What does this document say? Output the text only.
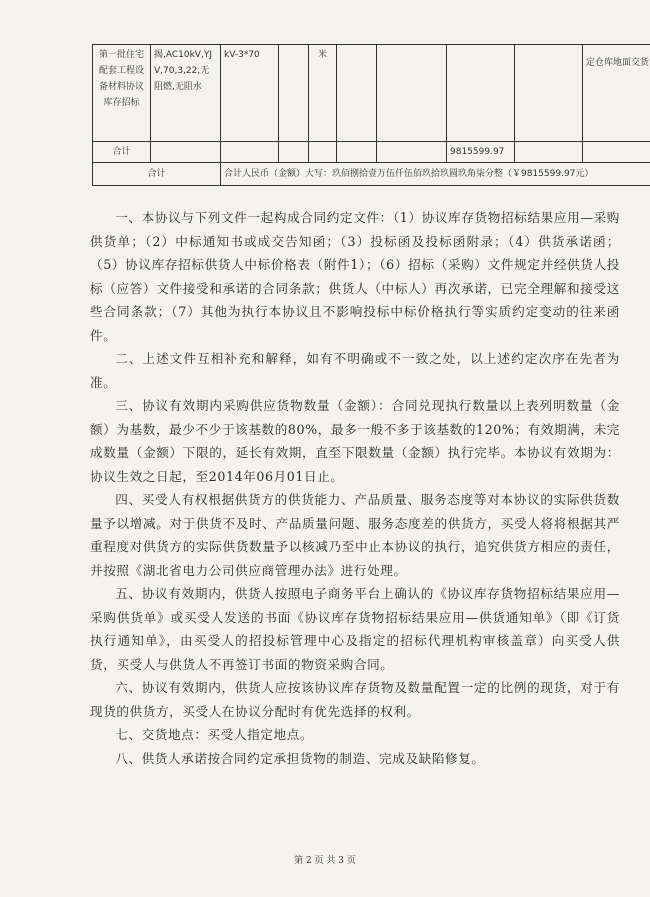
第一批住宅配套工程设备材料协议库存招标	揭,AC10kV,YJV,70,3,22,无阻燃,无阻水	kV-3*70		米					定仓库地面交货
合计							9815599.97		
合计		合计人民币（金额）大写：玖佰捌拾壹万伍仟伍佰玖拾玖圆玖角柒分整（￥9815599.97元）							

一、本协议与下列文件一起构成合同约定文件：（1）协议库存货物招标结果应用—采购供货单；（2）中标通知书或成交告知函；（3）投标函及投标函附录；（4）供货承诺函；（5）协议库存招标供货人中标价格表（附件1）；（6）招标（采购）文件规定并经供货人投标（应答）文件接受和承诺的合同条款；供货人（中标人）再次承诺，已完全理解和接受这些合同条款；（7）其他为执行本协议且不影响投标中标价格执行等实质约定变动的往来函件。

二、上述文件互相补充和解释，如有不明确或不一致之处，以上述约定次序在先者为准。

三、协议有效期内采购供应货物数量（金额）：合同兑现执行数量以上表列明数量（金额）为基数，最少不少于该基数的80%，最多一般不多于该基数的120%；有效期满，未完成数量（金额）下限的，延长有效期，直至下限数量（金额）执行完毕。本协议有效期为：协议生效之日起，至2014年06月01日止。

四、买受人有权根据供货方的供货能力、产品质量、服务态度等对本协议的实际供货数量予以增减。对于供货不及时、产品质量问题、服务态度差的供货方，买受人将将根据其严重程度对供货方的实际供货数量予以核减乃至中止本协议的执行，追究供货方相应的责任，并按照《湖北省电力公司供应商管理办法》进行处理。

五、协议有效期内，供货人按照电子商务平台上确认的《协议库存货物招标结果应用—采购供货单》或买受人发送的书面《协议库存货物招标结果应用—供货通知单》（即《订货执行通知单》，由买受人的招投标管理中心及指定的招标代理机构审核盖章）向买受人供货，买受人与供货人不再签订书面的物资采购合同。

六、协议有效期内，供货人应按该协议库存货物及数量配置一定的比例的现货，对于有现货的供货方，买受人在协议分配时有优先选择的权利。

七、交货地点：买受人指定地点。

八、供货人承诺按合同约定承担货物的制造、完成及缺陷修复。

第 2 页 共 3 页
